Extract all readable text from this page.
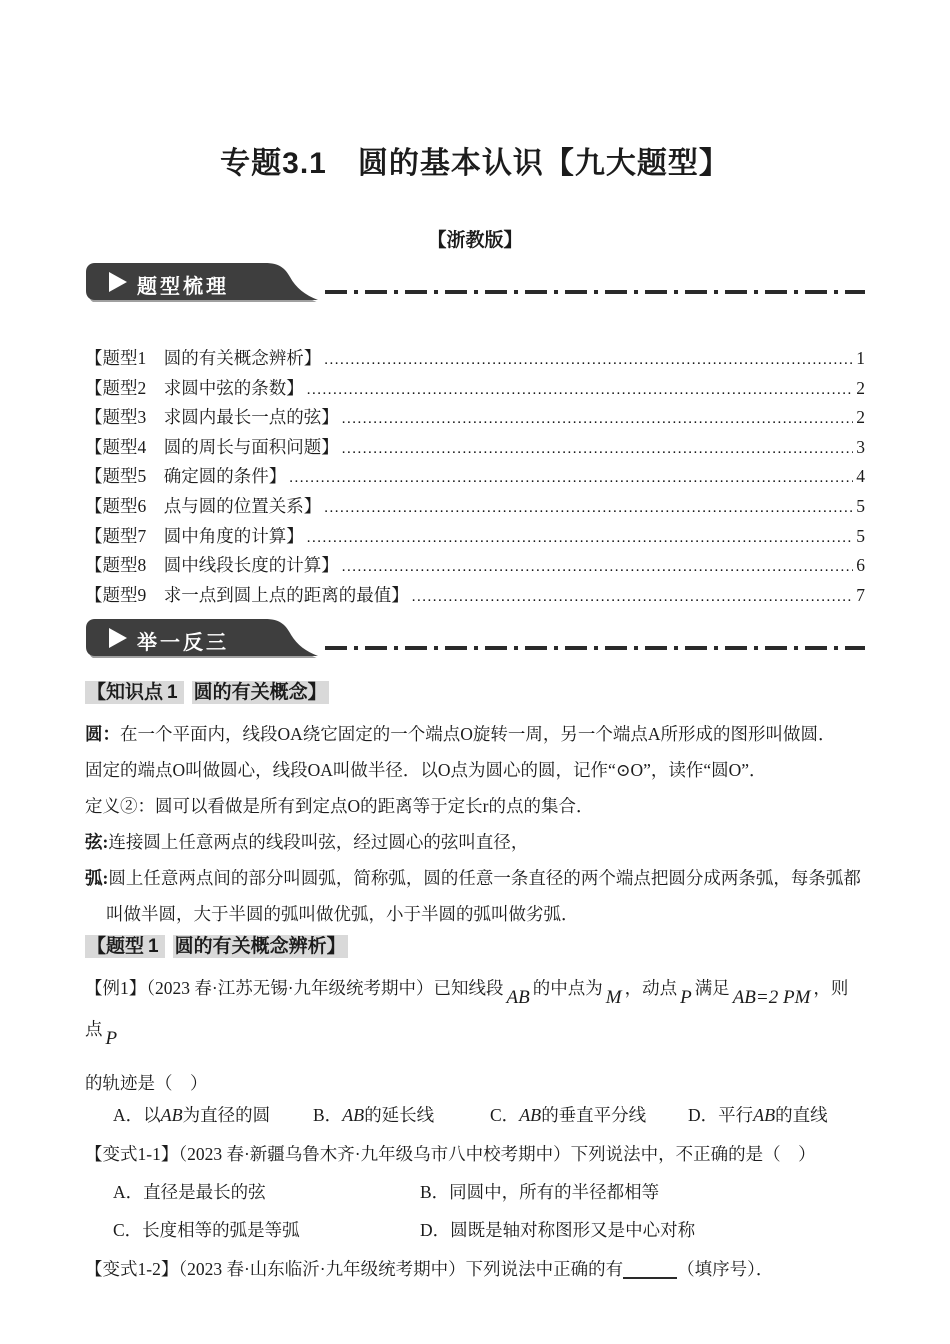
专题3.1　圆的基本认识【九大题型】
【浙教版】
题型梳理
【题型1　圆的有关概念辨析】 .....	1
【题型2　求圆中弦的条数】 .....	2
【题型3　求圆内最长一点的弦】 .....	2
【题型4　圆的周长与面积问题】 .....	3
【题型5　确定圆的条件】 .....	4
【题型6　点与圆的位置关系】 .....	5
【题型7　圆中角度的计算】 .....	5
【题型8　圆中线段长度的计算】 .....	6
【题型9　求一点到圆上点的距离的最值】 .....	7
举一反三
【知识点 1 圆的有关概念】

圆：在一个平面内，线段OA绕它固定的一个端点O旋转一周，另一个端点A所形成的图形叫做圆．

固定的端点O叫做圆心，线段OA叫做半径．以O点为圆心的圆，记作“⊙O”，读作“圆O”．

定义②：圆可以看做是所有到定点O的距离等于定长r的点的集合．

弦:连接圆上任意两点的线段叫弦，经过圆心的弦叫直径，

弧:圆上任意两点间的部分叫圆弧，简称弧，圆的任意一条直径的两个端点把圆分成两条弧，每条弧都叫做半圆，大于半圆的弧叫做优弧，小于半圆的弧叫做劣弧．

【题型 1 圆的有关概念辨析】

【例1】（2023 春·江苏无锡·九年级统考期中）已知线段 AB 的中点为 M ，动点 P 满足 AB=2 PM ，则点 P

的轨迹是（　）

A．以AB为直径的圆	B．AB的延长线	C．AB的垂直平分线	D．平行AB的直线

【变式1-1】（2023 春·新疆乌鲁木齐·九年级乌市八中校考期中）下列说法中，不正确的是（　）

A．直径是最长的弦	B．同圆中，所有的半径都相等
C．长度相等的弧是等弧	D．圆既是轴对称图形又是中心对称

【变式1-2】（2023 春·山东临沂·九年级统考期中）下列说法中正确的有	（填序号）．
